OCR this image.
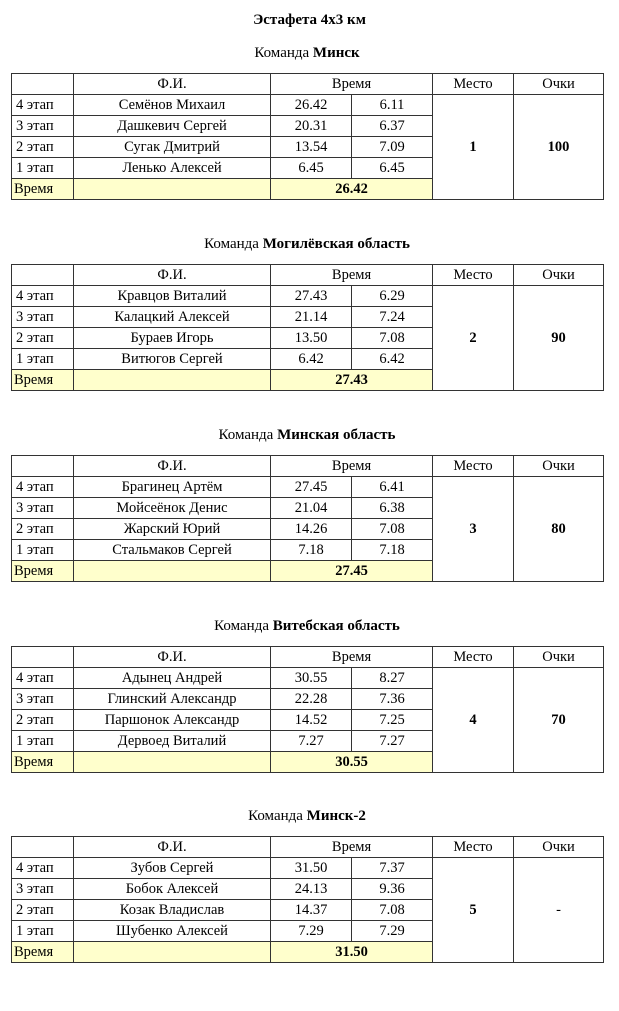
Эстафета 4х3 км
Команда Минск
	Ф.И.	Время		Место	Очки
4 этап	Семёнов Михаил	26.42	6.11	1	100
3 этап	Дашкевич Сергей	20.31	6.37		
2 этап	Сугак Дмитрий	13.54	7.09		
1 этап	Ленько Алексей	6.45	6.45		
Время		26.42			
Команда Могилёвская область
	Ф.И.	Время		Место	Очки
4 этап	Кравцов Виталий	27.43	6.29	2	90
3 этап	Калацкий Алексей	21.14	7.24		
2 этап	Бураев Игорь	13.50	7.08		
1 этап	Витюгов Сергей	6.42	6.42		
Время		27.43			
Команда Минская область
	Ф.И.	Время		Место	Очки
4 этап	Брагинец Артём	27.45	6.41	3	80
3 этап	Мойсеёнок Денис	21.04	6.38		
2 этап	Жарский Юрий	14.26	7.08		
1 этап	Стальмаков Сергей	7.18	7.18		
Время		27.45			
Команда Витебская область
	Ф.И.	Время		Место	Очки
4 этап	Адынец Андрей	30.55	8.27	4	70
3 этап	Глинский Александр	22.28	7.36		
2 этап	Паршонок Александр	14.52	7.25		
1 этап	Дервоед Виталий	7.27	7.27		
Время		30.55			
Команда Минск-2
	Ф.И.	Время		Место	Очки
4 этап	Зубов Сергей	31.50	7.37	5	-
3 этап	Бобок Алексей	24.13	9.36		
2 этап	Козак Владислав	14.37	7.08		
1 этап	Шубенко Алексей	7.29	7.29		
Время		31.50			
